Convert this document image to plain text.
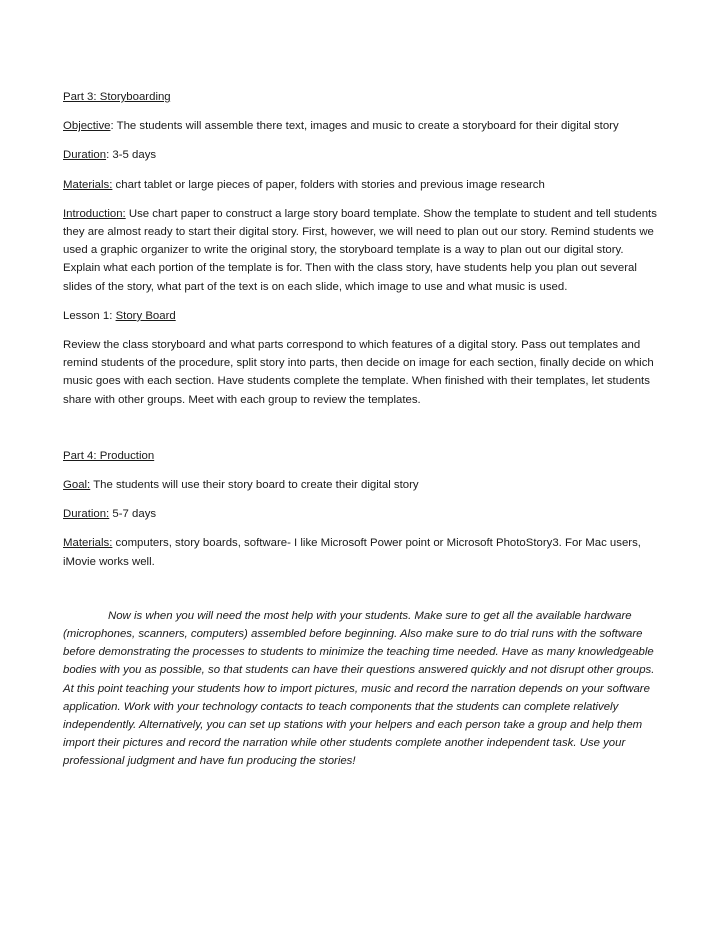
Part 3: Storyboarding

Objective: The students will assemble there text, images and music to create a storyboard for their digital story

Duration: 3-5 days

Materials: chart tablet or large pieces of paper, folders with stories and previous image research

Introduction: Use chart paper to construct a large story board template. Show the template to student and tell students they are almost ready to start their digital story. First, however, we will need to plan out our story. Remind students we used a graphic organizer to write the original story, the storyboard template is a way to plan out our digital story. Explain what each portion of the template is for. Then with the class story, have students help you plan out several slides of the story, what part of the text is on each slide, which image to use and what music is used.

Lesson 1: Story Board

Review the class storyboard and what parts correspond to which features of a digital story. Pass out templates and remind students of the procedure, split story into parts, then decide on image for each section, finally decide on which music goes with each section. Have students complete the template. When finished with their templates, let students share with other groups. Meet with each group to review the templates.

Part 4: Production

Goal: The students will use their story board to create their digital story

Duration: 5-7 days

Materials: computers, story boards, software- I like Microsoft Power point or Microsoft PhotoStory3. For Mac users, iMovie works well.

Now is when you will need the most help with your students. Make sure to get all the available hardware (microphones, scanners, computers) assembled before beginning. Also make sure to do trial runs with the software before demonstrating the processes to students to minimize the teaching time needed. Have as many knowledgeable bodies with you as possible, so that students can have their questions answered quickly and not disrupt other groups. At this point teaching your students how to import pictures, music and record the narration depends on your software application. Work with your technology contacts to teach components that the students can complete relatively independently. Alternatively, you can set up stations with your helpers and each person take a group and help them import their pictures and record the narration while other students complete another independent task. Use your professional judgment and have fun producing the stories!
